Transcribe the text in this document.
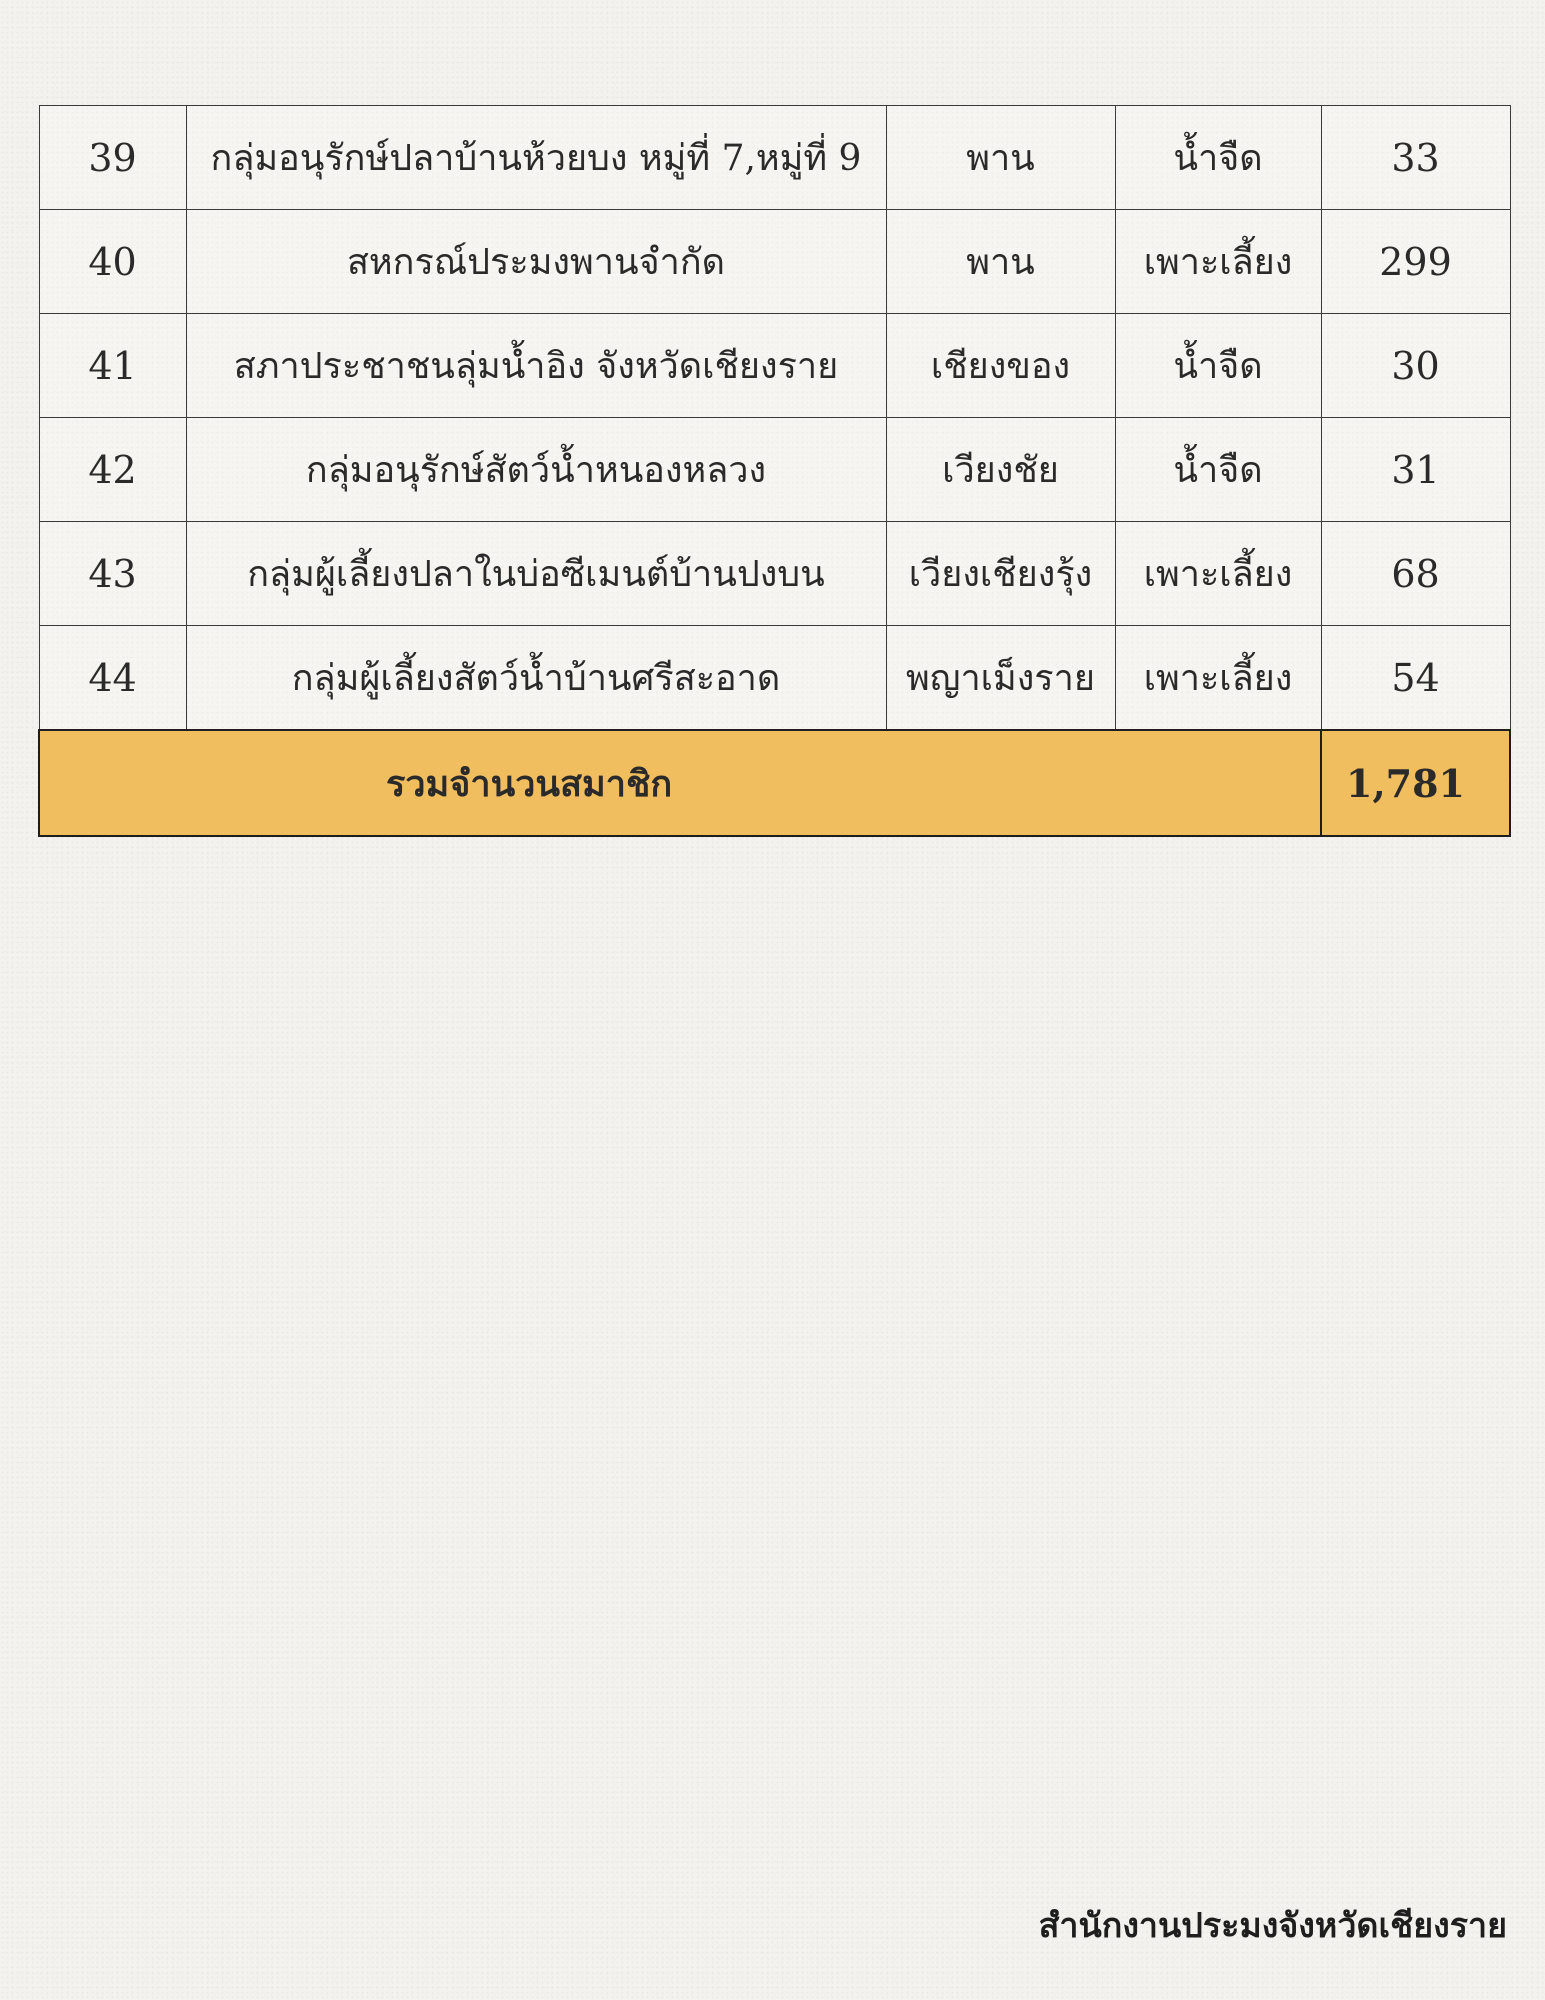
39	กลุ่มอนุรักษ์ปลาบ้านห้วยบง หมู่ที่ 7,หมู่ที่ 9	พาน	น้ำจืด	33
40	สหกรณ์ประมงพานจำกัด	พาน	เพาะเลี้ยง	299
41	สภาประชาชนลุ่มน้ำอิง จังหวัดเชียงราย	เชียงของ	น้ำจืด	30
42	กลุ่มอนุรักษ์สัตว์น้ำหนองหลวง	เวียงชัย	น้ำจืด	31
43	กลุ่มผู้เลี้ยงปลาในบ่อซีเมนต์บ้านปงบน	เวียงเชียงรุ้ง	เพาะเลี้ยง	68
44	กลุ่มผู้เลี้ยงสัตว์น้ำบ้านศรีสะอาด	พญาเม็งราย	เพาะเลี้ยง	54
รวมจำนวนสมาชิก				1,781
สำนักงานประมงจังหวัดเชียงราย
